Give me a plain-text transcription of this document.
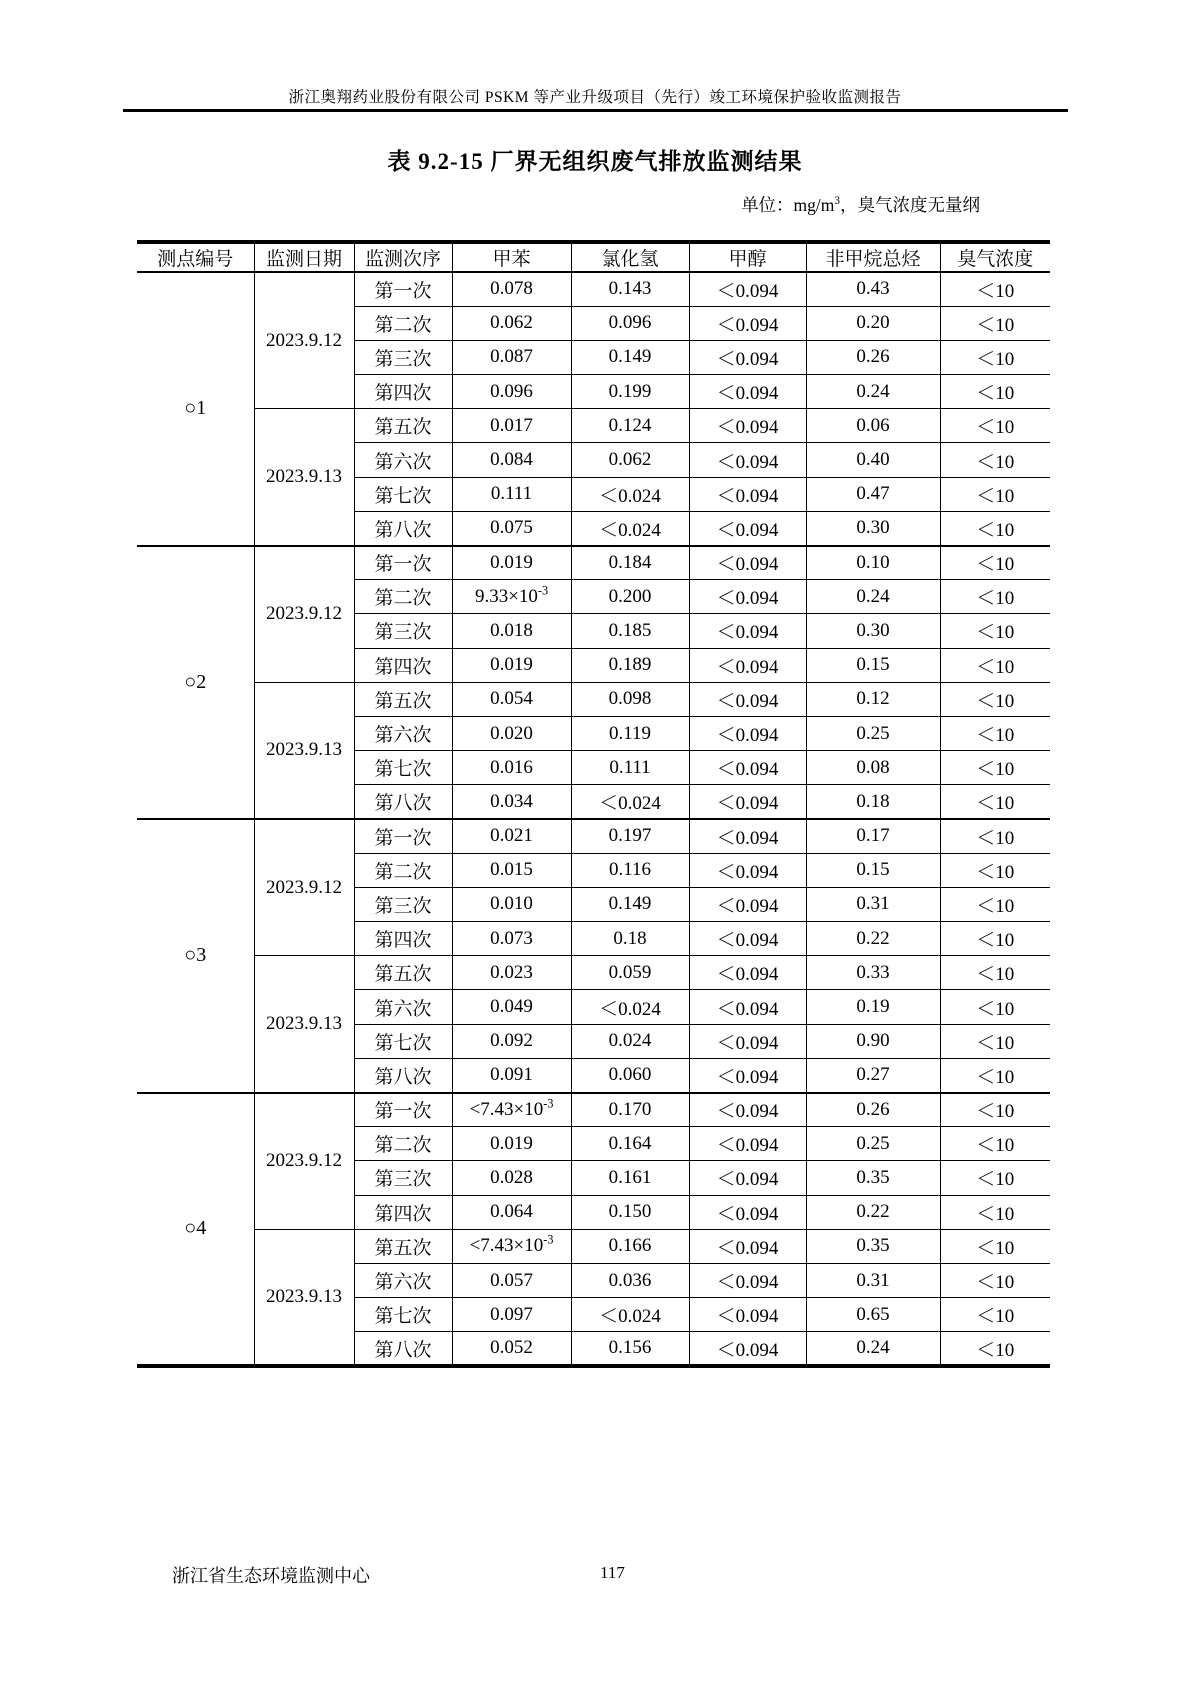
浙江奥翔药业股份有限公司 PSKM 等产业升级项目（先行）竣工环境保护验收监测报告
表 9.2-15 厂界无组织废气排放监测结果
单位：$mg/m^3$，臭气浓度无量纲
测点编号	监测日期	监测次序	甲苯	氯化氢	甲醇	非甲烷总烃	臭气浓度
○1	2023.9.12	第一次	0.078	0.143	＜0.094	0.43	＜10
		第二次	0.062	0.096	＜0.094	0.20	＜10
		第三次	0.087	0.149	＜0.094	0.26	＜10
		第四次	0.096	0.199	＜0.094	0.24	＜10
	2023.9.13	第五次	0.017	0.124	＜0.094	0.06	＜10
		第六次	0.084	0.062	＜0.094	0.40	＜10
		第七次	0.111	＜0.024	＜0.094	0.47	＜10
		第八次	0.075	＜0.024	＜0.094	0.30	＜10
○2	2023.9.12	第一次	0.019	0.184	＜0.094	0.10	＜10
		第二次	$9.33\times 10^{-3}$	0.200	＜0.094	0.24	＜10
		第三次	0.018	0.185	＜0.094	0.30	＜10
		第四次	0.019	0.189	＜0.094	0.15	＜10
	2023.9.13	第五次	0.054	0.098	＜0.094	0.12	＜10
		第六次	0.020	0.119	＜0.094	0.25	＜10
		第七次	0.016	0.111	＜0.094	0.08	＜10
		第八次	0.034	＜0.024	＜0.094	0.18	＜10
○3	2023.9.12	第一次	0.021	0.197	＜0.094	0.17	＜10
		第二次	0.015	0.116	＜0.094	0.15	＜10
		第三次	0.010	0.149	＜0.094	0.31	＜10
		第四次	0.073	0.18	＜0.094	0.22	＜10
	2023.9.13	第五次	0.023	0.059	＜0.094	0.33	＜10
		第六次	0.049	＜0.024	＜0.094	0.19	＜10
		第七次	0.092	0.024	＜0.094	0.90	＜10
		第八次	0.091	0.060	＜0.094	0.27	＜10
○4	2023.9.12	第一次	$<7.43\times 10^{-3}$	0.170	＜0.094	0.26	＜10
		第二次	0.019	0.164	＜0.094	0.25	＜10
		第三次	0.028	0.161	＜0.094	0.35	＜10
		第四次	0.064	0.150	＜0.094	0.22	＜10
	2023.9.13	第五次	$<7.43\times 10^{-3}$	0.166	＜0.094	0.35	＜10
		第六次	0.057	0.036	＜0.094	0.31	＜10
		第七次	0.097	＜0.024	＜0.094	0.65	＜10
		第八次	0.052	0.156	＜0.094	0.24	＜10
浙江省生态环境监测中心	117
